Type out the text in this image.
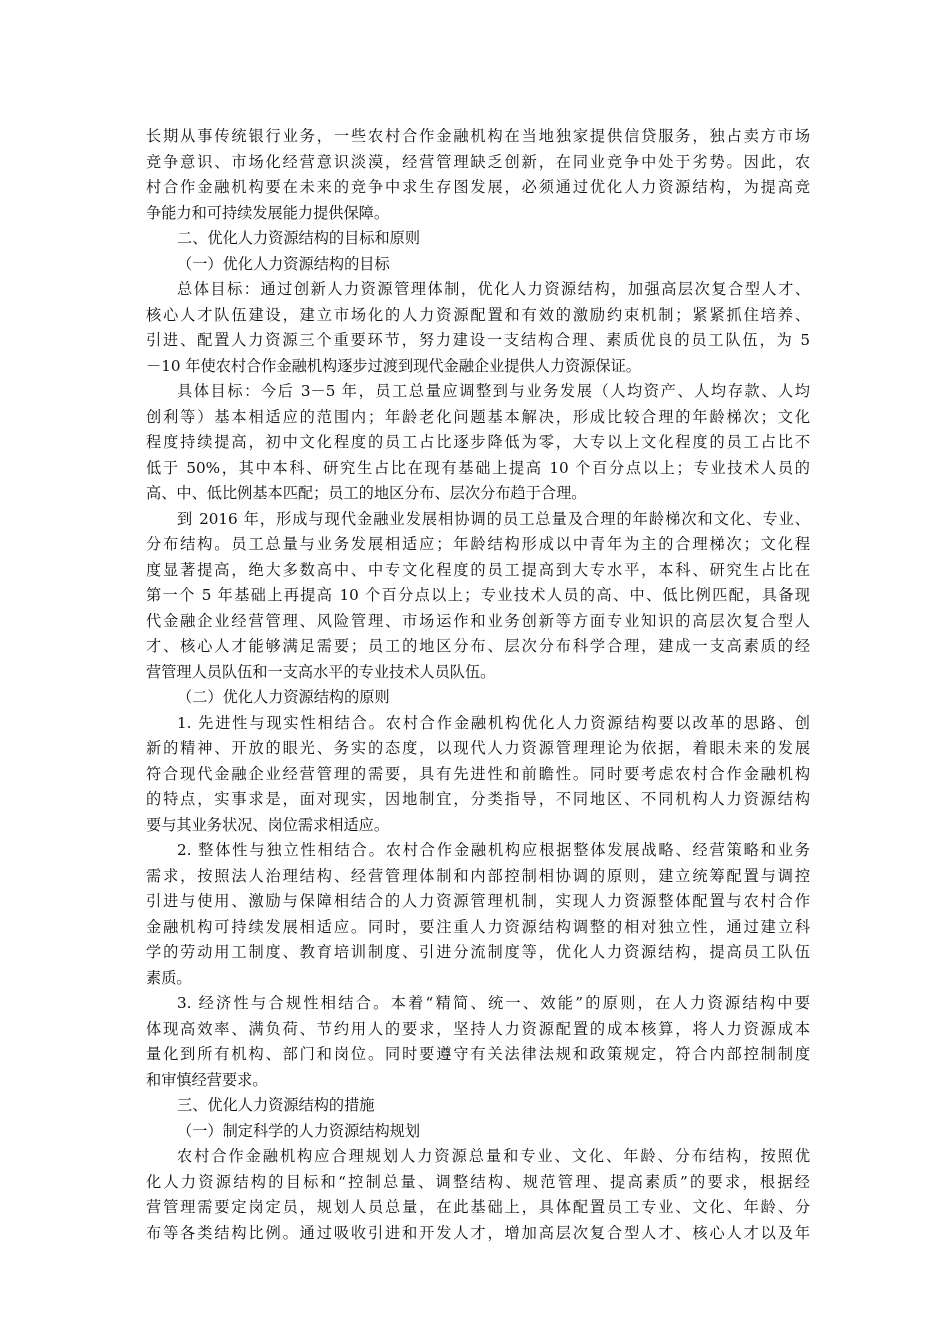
长期从事传统银行业务，一些农村合作金融机构在当地独家提供信贷服务，独占卖方市场
竞争意识、市场化经营意识淡漠，经营管理缺乏创新，在同业竞争中处于劣势。因此，农
村合作金融机构要在未来的竞争中求生存图发展，必须通过优化人力资源结构，为提高竞
争能力和可持续发展能力提供保障。
二、优化人力资源结构的目标和原则
（一）优化人力资源结构的目标
总体目标：通过创新人力资源管理体制，优化人力资源结构，加强高层次复合型人才、
核心人才队伍建设，建立市场化的人力资源配置和有效的激励约束机制；紧紧抓住培养、
引进、配置人力资源三个重要环节，努力建设一支结构合理、素质优良的员工队伍，为 5
－10 年使农村合作金融机构逐步过渡到现代金融企业提供人力资源保证。
具体目标：今后 3－5 年，员工总量应调整到与业务发展（人均资产、人均存款、人均
创利等）基本相适应的范围内；年龄老化问题基本解决，形成比较合理的年龄梯次；文化
程度持续提高，初中文化程度的员工占比逐步降低为零，大专以上文化程度的员工占比不
低于 50%，其中本科、研究生占比在现有基础上提高 10 个百分点以上；专业技术人员的
高、中、低比例基本匹配；员工的地区分布、层次分布趋于合理。
到 2016 年，形成与现代金融业发展相协调的员工总量及合理的年龄梯次和文化、专业、
分布结构。员工总量与业务发展相适应；年龄结构形成以中青年为主的合理梯次；文化程
度显著提高，绝大多数高中、中专文化程度的员工提高到大专水平，本科、研究生占比在
第一个 5 年基础上再提高 10 个百分点以上；专业技术人员的高、中、低比例匹配，具备现
代金融企业经营管理、风险管理、市场运作和业务创新等方面专业知识的高层次复合型人
才、核心人才能够满足需要；员工的地区分布、层次分布科学合理，建成一支高素质的经
营管理人员队伍和一支高水平的专业技术人员队伍。
（二）优化人力资源结构的原则
1. 先进性与现实性相结合。农村合作金融机构优化人力资源结构要以改革的思路、创
新的精神、开放的眼光、务实的态度，以现代人力资源管理理论为依据，着眼未来的发展
符合现代金融企业经营管理的需要，具有先进性和前瞻性。同时要考虑农村合作金融机构
的特点，实事求是，面对现实，因地制宜，分类指导，不同地区、不同机构人力资源结构
要与其业务状况、岗位需求相适应。
2. 整体性与独立性相结合。农村合作金融机构应根据整体发展战略、经营策略和业务
需求，按照法人治理结构、经营管理体制和内部控制相协调的原则，建立统筹配置与调控
引进与使用、激励与保障相结合的人力资源管理机制，实现人力资源整体配置与农村合作
金融机构可持续发展相适应。同时，要注重人力资源结构调整的相对独立性，通过建立科
学的劳动用工制度、教育培训制度、引进分流制度等，优化人力资源结构，提高员工队伍
素质。
3. 经济性与合规性相结合。本着“精简、统一、效能”的原则，在人力资源结构中要
体现高效率、满负荷、节约用人的要求，坚持人力资源配置的成本核算，将人力资源成本
量化到所有机构、部门和岗位。同时要遵守有关法律法规和政策规定，符合内部控制制度
和审慎经营要求。
三、优化人力资源结构的措施
（一）制定科学的人力资源结构规划
农村合作金融机构应合理规划人力资源总量和专业、文化、年龄、分布结构，按照优
化人力资源结构的目标和“控制总量、调整结构、规范管理、提高素质”的要求，根据经
营管理需要定岗定员，规划人员总量，在此基础上，具体配置员工专业、文化、年龄、分
布等各类结构比例。通过吸收引进和开发人才，增加高层次复合型人才、核心人才以及年
